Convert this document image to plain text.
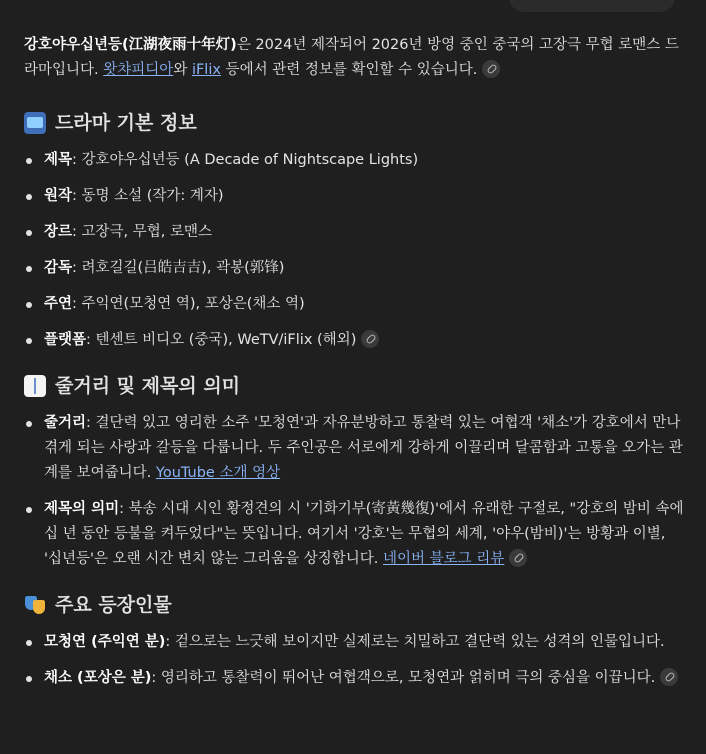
강호야우십년등(江湖夜雨十年灯)은 2024년 제작되어 2026년 방영 중인 중국의 고장극 무협 로맨스 드라마입니다. 왓챠피디아와 iFlix 등에서 관련 정보를 확인할 수 있습니다.

드라마 기본 정보
제목: 강호야우십년등 (A Decade of Nightscape Lights)
원작: 동명 소설 (작가: 계자)
장르: 고장극, 무협, 로맨스
감독: 려호길길(吕皓吉吉), 곽봉(郭锋)
주연: 주익연(모청연 역), 포상은(채소 역)
플랫폼: 텐센트 비디오 (중국), WeTV/iFlix (해외)
줄거리 및 제목의 의미
줄거리: 결단력 있고 영리한 소주 '모청연'과 자유분방하고 통찰력 있는 여협객 '채소'가 강호에서 만나 겪게 되는 사랑과 갈등을 다룹니다. 두 주인공은 서로에게 강하게 이끌리며 달콤함과 고통을 오가는 관계를 보여줍니다. YouTube 소개 영상
제목의 의미: 북송 시대 시인 황정견의 시 '기화기부(寄黃幾復)'에서 유래한 구절로, "강호의 밤비 속에 십 년 동안 등불을 켜두었다"는 뜻입니다. 여기서 '강호'는 무협의 세계, '야우(밤비)'는 방황과 이별, '십년등'은 오랜 시간 변치 않는 그리움을 상징합니다. 네이버 블로그 리뷰
주요 등장인물
모청연 (주익연 분): 겉으로는 느긋해 보이지만 실제로는 치밀하고 결단력 있는 성격의 인물입니다.
채소 (포상은 분): 영리하고 통찰력이 뛰어난 여협객으로, 모청연과 얽히며 극의 중심을 이끕니다.
